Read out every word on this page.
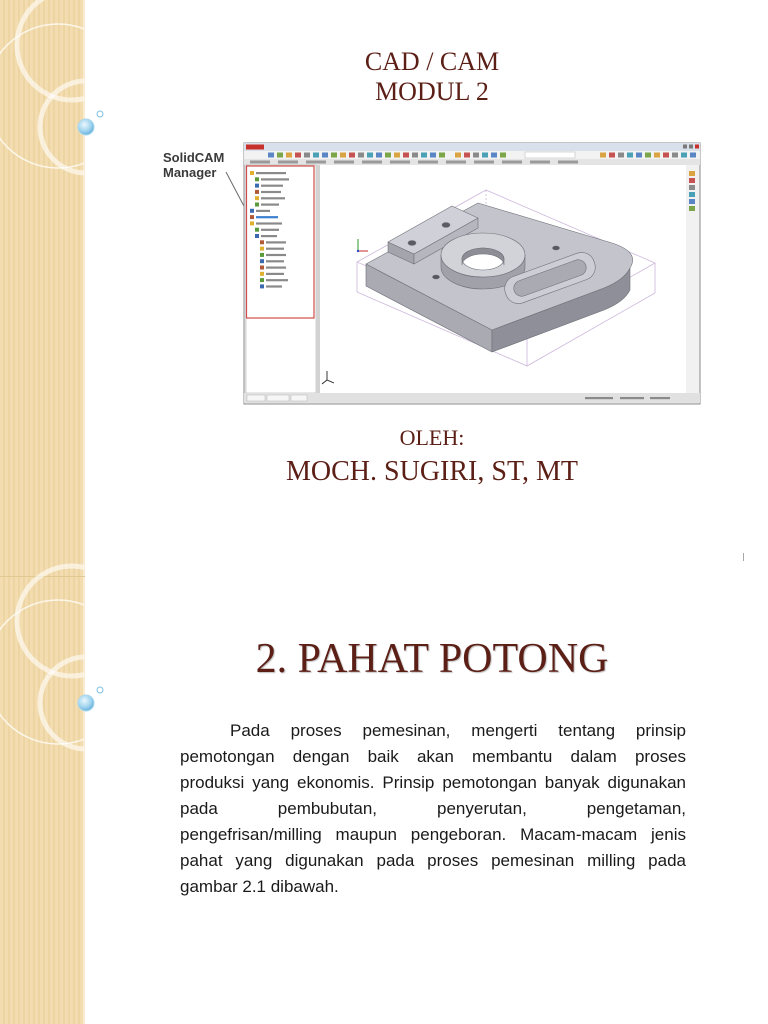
CAD / CAM
MODUL 2
SolidCAM
Manager
OLEH:
MOCH. SUGIRI, ST, MT
2. PAHAT POTONG
Pada proses pemesinan, mengerti tentang prinsip
pemotongan dengan baik akan membantu dalam proses
produksi yang ekonomis. Prinsip pemotongan banyak digunakan
pada pembubutan, penyerutan, pengetaman,
pengefrisan/milling maupun pengeboran. Macam-macam jenis
pahat yang digunakan pada proses pemesinan milling pada
gambar 2.1 dibawah.
